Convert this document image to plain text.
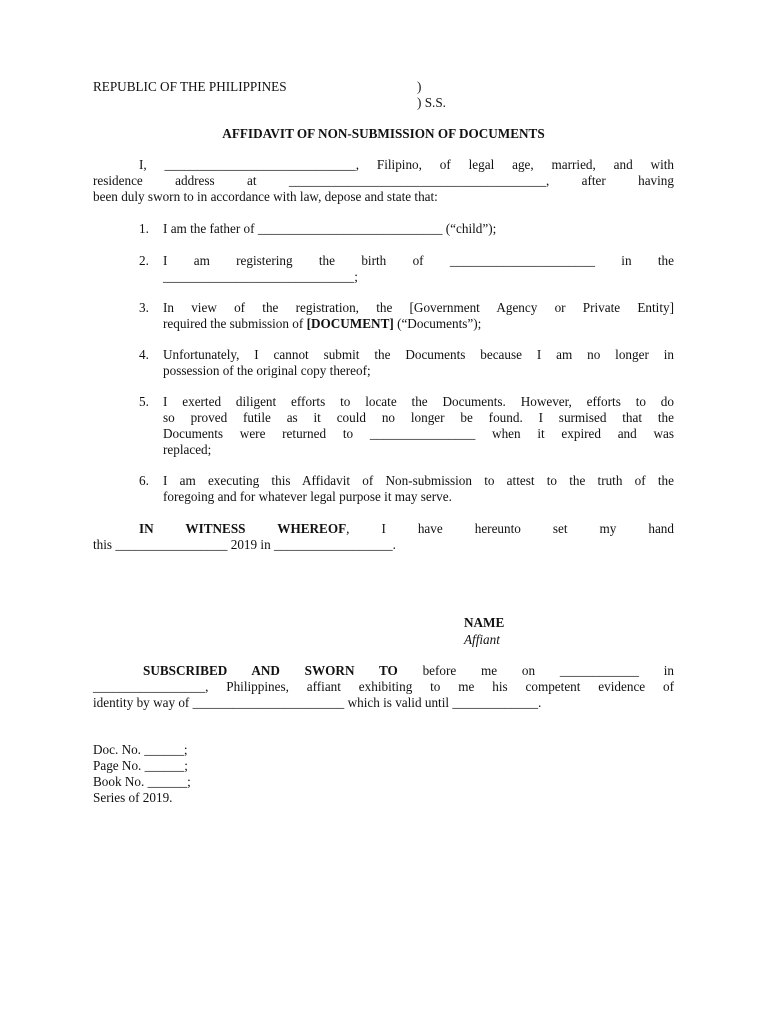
REPUBLIC OF THE PHILIPPINES	)
) S.S.
AFFIDAVIT OF NON-SUBMISSION OF DOCUMENTS
I, _____________________________, Filipino, of legal age, married, and with
residence address at _______________________________________, after having
been duly sworn to in accordance with law, depose and state that:
1.	I am the father of ____________________________ (“child”);
2.	I am registering the birth of ______________________ in the
_____________________________;
3.	In view of the registration, the [Government Agency or Private Entity]
required the submission of [DOCUMENT] (“Documents”);
4.	Unfortunately, I cannot submit the Documents because I am no longer in
possession of the original copy thereof;
5.	I exerted diligent efforts to locate the Documents. However, efforts to do
so proved futile as it could no longer be found. I surmised that the
Documents were returned to ________________ when it expired and was
replaced;
6.	I am executing this Affidavit of Non-submission to attest to the truth of the
foregoing and for whatever legal purpose it may serve.
IN WITNESS WHEREOF, I have hereunto set my hand
this _________________ 2019 in __________________.
NAME
Affiant
SUBSCRIBED AND SWORN TO before me on ____________ in
_________________, Philippines, affiant exhibiting to me his competent evidence of
identity by way of _______________________ which is valid until _____________.
Doc. No. ______;
Page No. ______;
Book No. ______;
Series of 2019.
